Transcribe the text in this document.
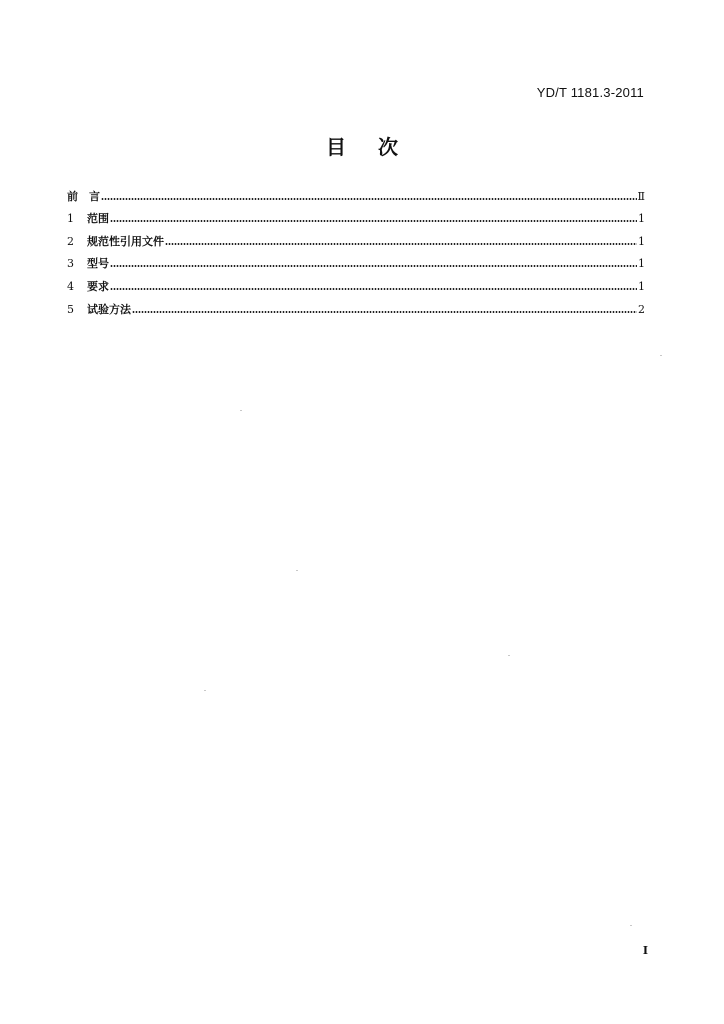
YD/T 1181.3-2011
目 次
前　言	Ⅱ
1	范围	1
2	规范性引用文件	1
3	型号	1
4	要求	1
5	试验方法	2
I
